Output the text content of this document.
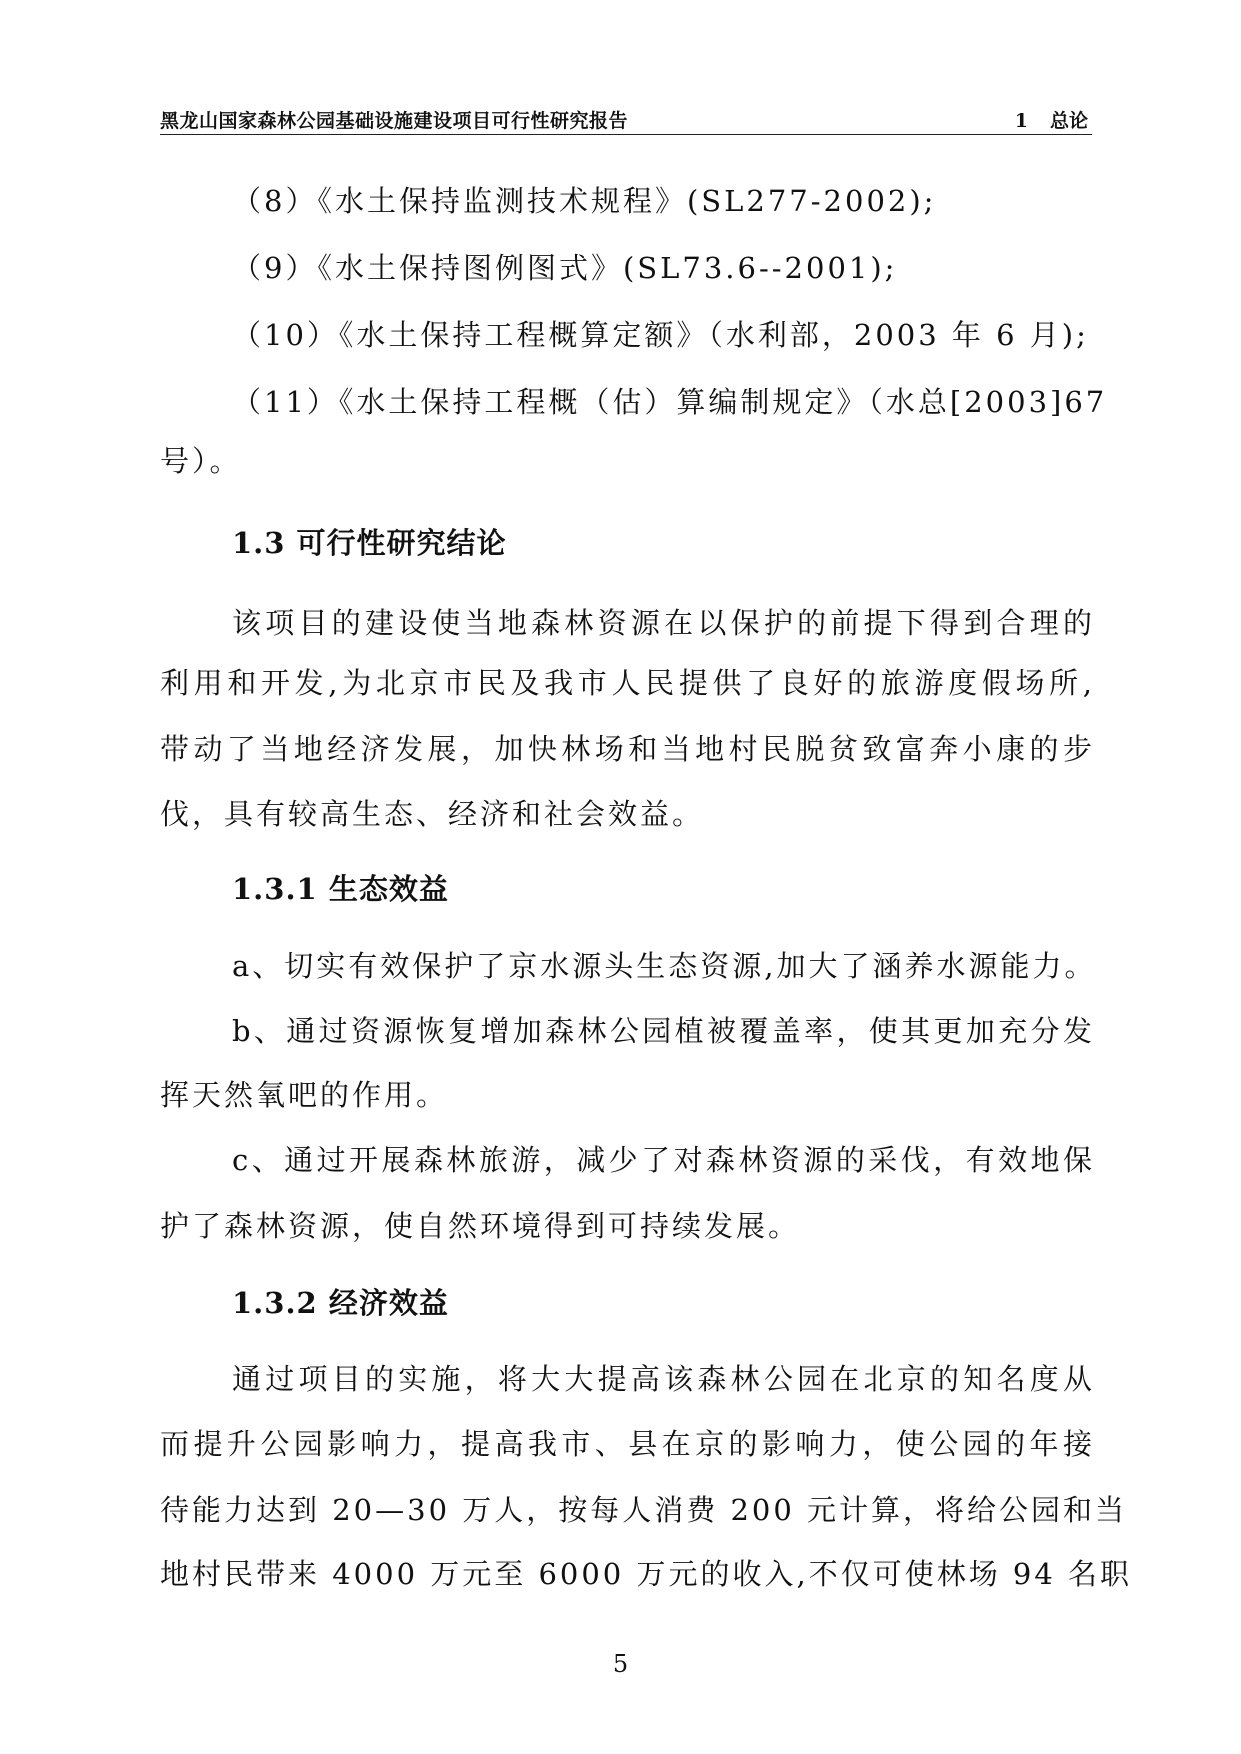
黑龙山国家森林公园基础设施建设项目可行性研究报告	1 总论
（8）《水土保持监测技术规程》(SL277-2002);
（9）《水土保持图例图式》(SL73.6--2001);
（10）《水土保持工程概算定额》（水利部，2003 年 6 月);
（11）《水土保持工程概（估）算编制规定》（水总[2003]67
号）。
1.3 可行性研究结论
该项目的建设使当地森林资源在以保护的前提下得到合理的
利用和开发,为北京市民及我市人民提供了良好的旅游度假场所,
带动了当地经济发展，加快林场和当地村民脱贫致富奔小康的步
伐，具有较高生态、经济和社会效益。
1.3.1 生态效益
a、切实有效保护了京水源头生态资源,加大了涵养水源能力。
b、通过资源恢复增加森林公园植被覆盖率，使其更加充分发
挥天然氧吧的作用。
c、通过开展森林旅游，减少了对森林资源的采伐，有效地保
护了森林资源，使自然环境得到可持续发展。
1.3.2 经济效益
通过项目的实施，将大大提高该森林公园在北京的知名度从
而提升公园影响力，提高我市、县在京的影响力，使公园的年接
待能力达到 20—30 万人，按每人消费 200 元计算，将给公园和当
地村民带来 4000 万元至 6000 万元的收入,不仅可使林场 94 名职
5
